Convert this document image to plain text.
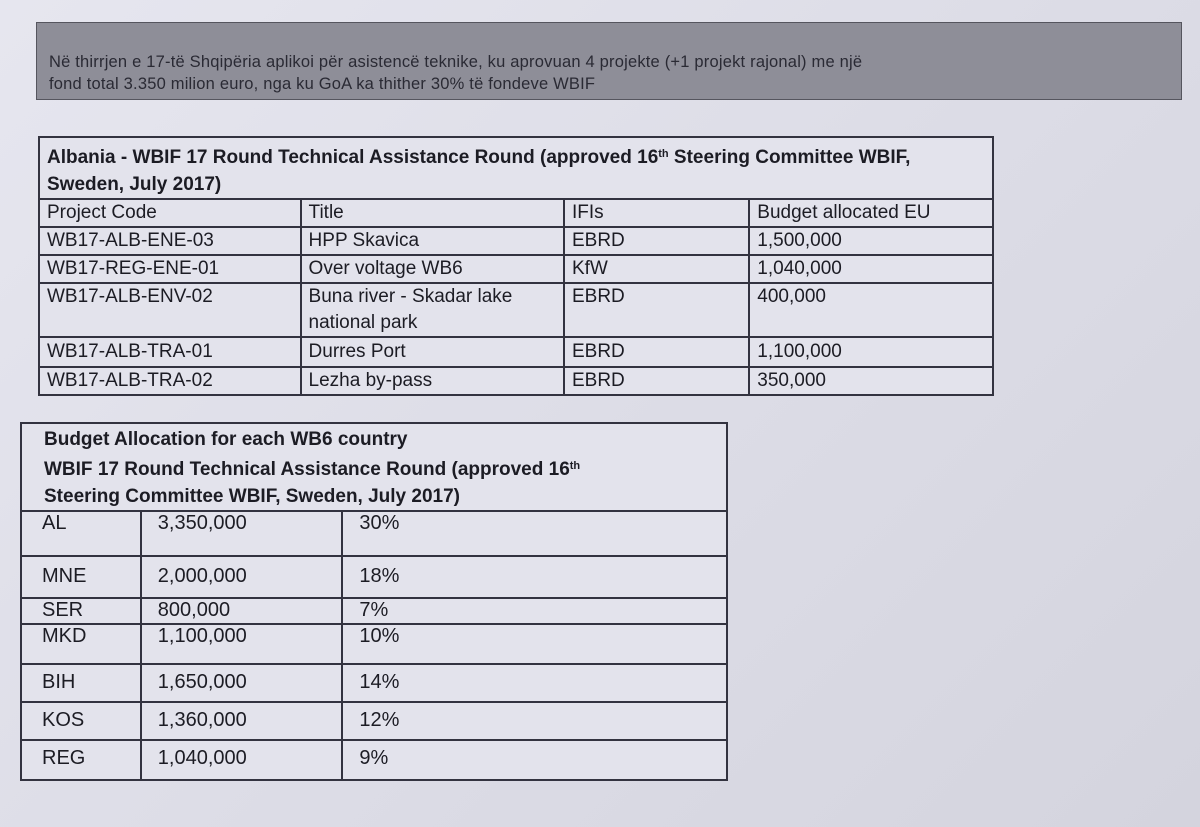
Në thirrjen e 17-të Shqipëria aplikoi për asistencë teknike, ku aprovuan 4 projekte (+1 projekt rajonal) me një
fond total 3.350 milion euro, nga ku GoA ka thither 30% të fondeve WBIF
Albania - WBIF 17 Round Technical Assistance Round (approved 16th Steering Committee WBIF, Sweden, July 2017)			
Project Code	Title	IFIs	Budget allocated EU
WB17-ALB-ENE-03	HPP Skavica	EBRD	1,500,000
WB17-REG-ENE-01	Over voltage WB6	KfW	1,040,000
WB17-ALB-ENV-02	Buna river - Skadar lake national park	EBRD	400,000
WB17-ALB-TRA-01	Durres Port	EBRD	1,100,000
WB17-ALB-TRA-02	Lezha by-pass	EBRD	350,000
Budget Allocation for each WB6 country
WBIF 17 Round Technical Assistance Round (approved 16th
Steering Committee WBIF, Sweden, July 2017)		

AL	3,350,000	30%
MNE	2,000,000	18%
SER	800,000	7%
MKD	1,100,000	10%
BIH	1,650,000	14%
KOS	1,360,000	12%
REG	1,040,000	9%
